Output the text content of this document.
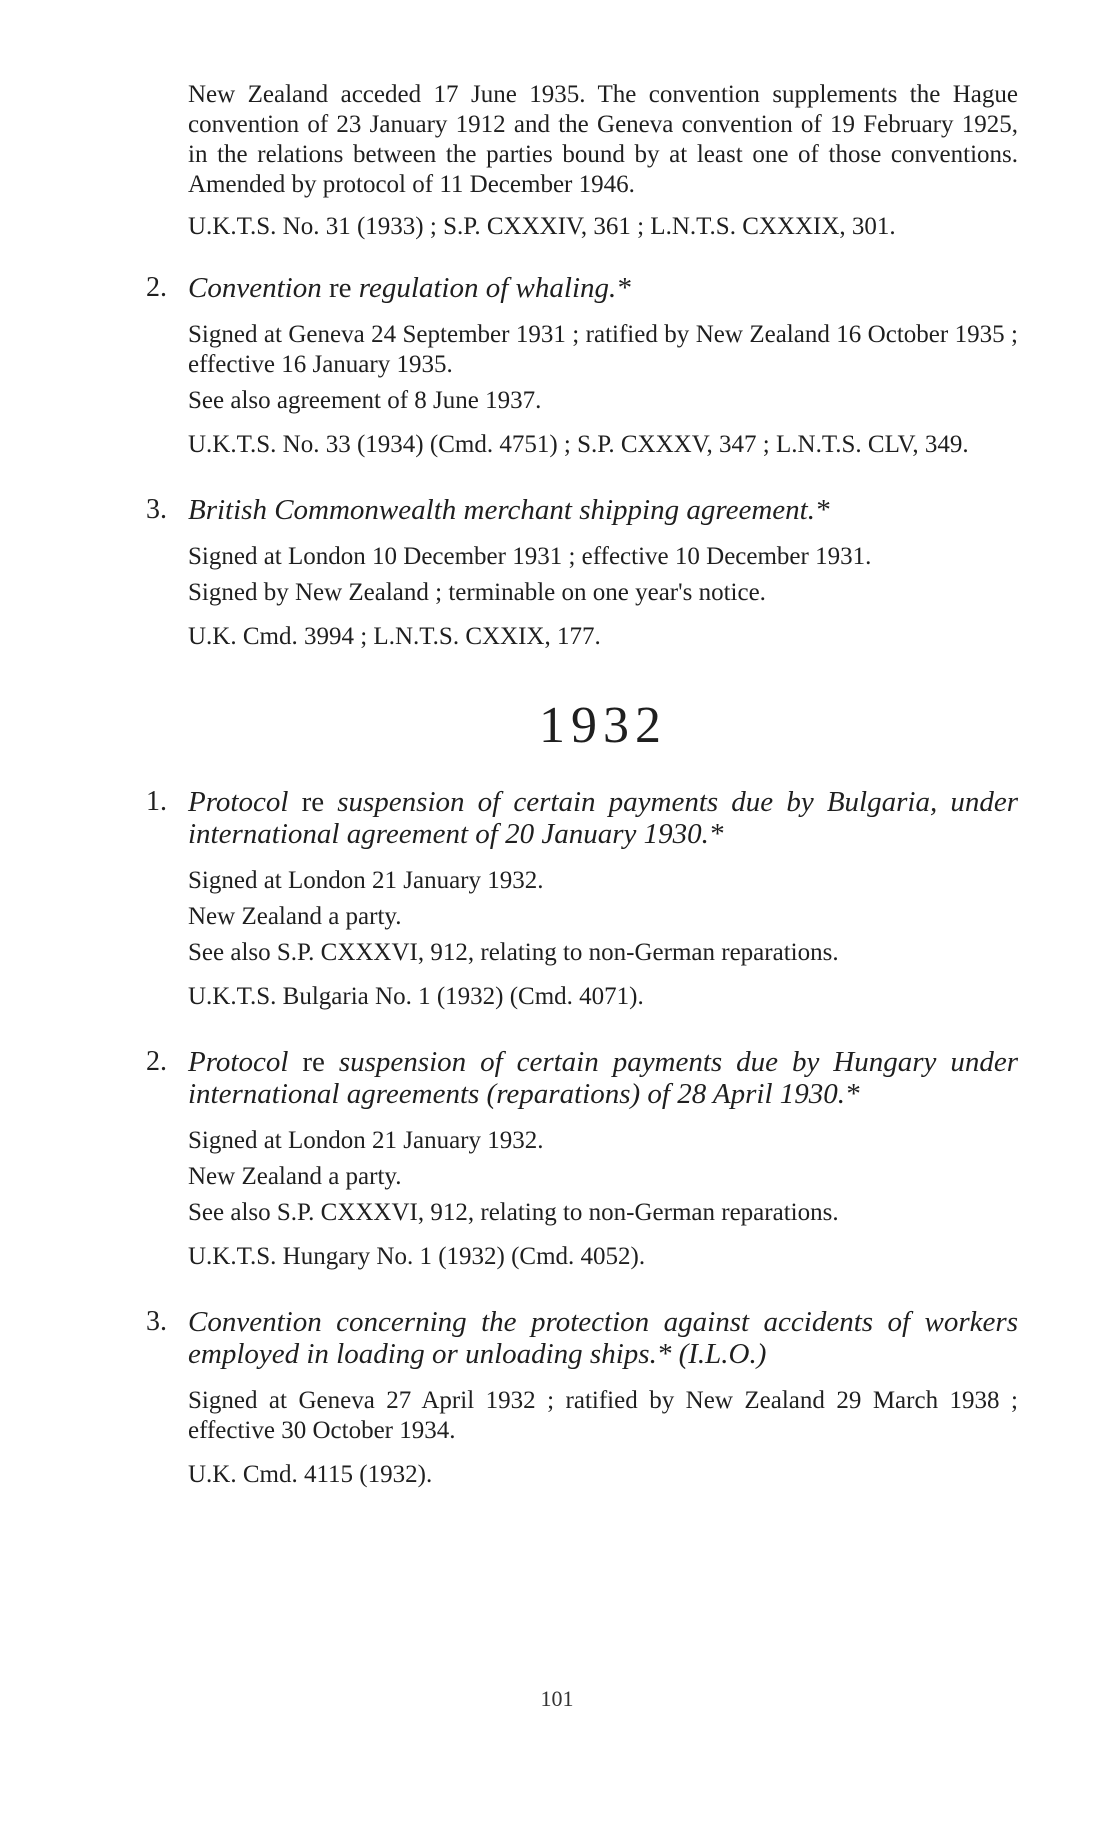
New Zealand acceded 17 June 1935. The convention supplements the Hague convention of 23 January 1912 and the Geneva convention of 19 February 1925, in the relations between the parties bound by at least one of those conventions. Amended by protocol of 11 December 1946.

U.K.T.S. No. 31 (1933) ; S.P. CXXXIV, 361 ; L.N.T.S. CXXXIX, 301.

2. Convention re regulation of whaling.*

Signed at Geneva 24 September 1931 ; ratified by New Zealand 16 October 1935 ; effective 16 January 1935.

See also agreement of 8 June 1937.

U.K.T.S. No. 33 (1934) (Cmd. 4751) ; S.P. CXXXV, 347 ; L.N.T.S. CLV, 349.

3. British Commonwealth merchant shipping agreement.*

Signed at London 10 December 1931 ; effective 10 December 1931.

Signed by New Zealand ; terminable on one year's notice.

U.K. Cmd. 3994 ; L.N.T.S. CXXIX, 177.

1932
1. Protocol re suspension of certain payments due by Bulgaria, under international agreement of 20 January 1930.*

Signed at London 21 January 1932.

New Zealand a party.

See also S.P. CXXXVI, 912, relating to non-German reparations.

U.K.T.S. Bulgaria No. 1 (1932) (Cmd. 4071).

2. Protocol re suspension of certain payments due by Hungary under international agreements (reparations) of 28 April 1930.*

Signed at London 21 January 1932.

New Zealand a party.

See also S.P. CXXXVI, 912, relating to non-German reparations.

U.K.T.S. Hungary No. 1 (1932) (Cmd. 4052).

3. Convention concerning the protection against accidents of workers employed in loading or unloading ships.* (I.L.O.)

Signed at Geneva 27 April 1932 ; ratified by New Zealand 29 March 1938 ; effective 30 October 1934.

U.K. Cmd. 4115 (1932).

101
